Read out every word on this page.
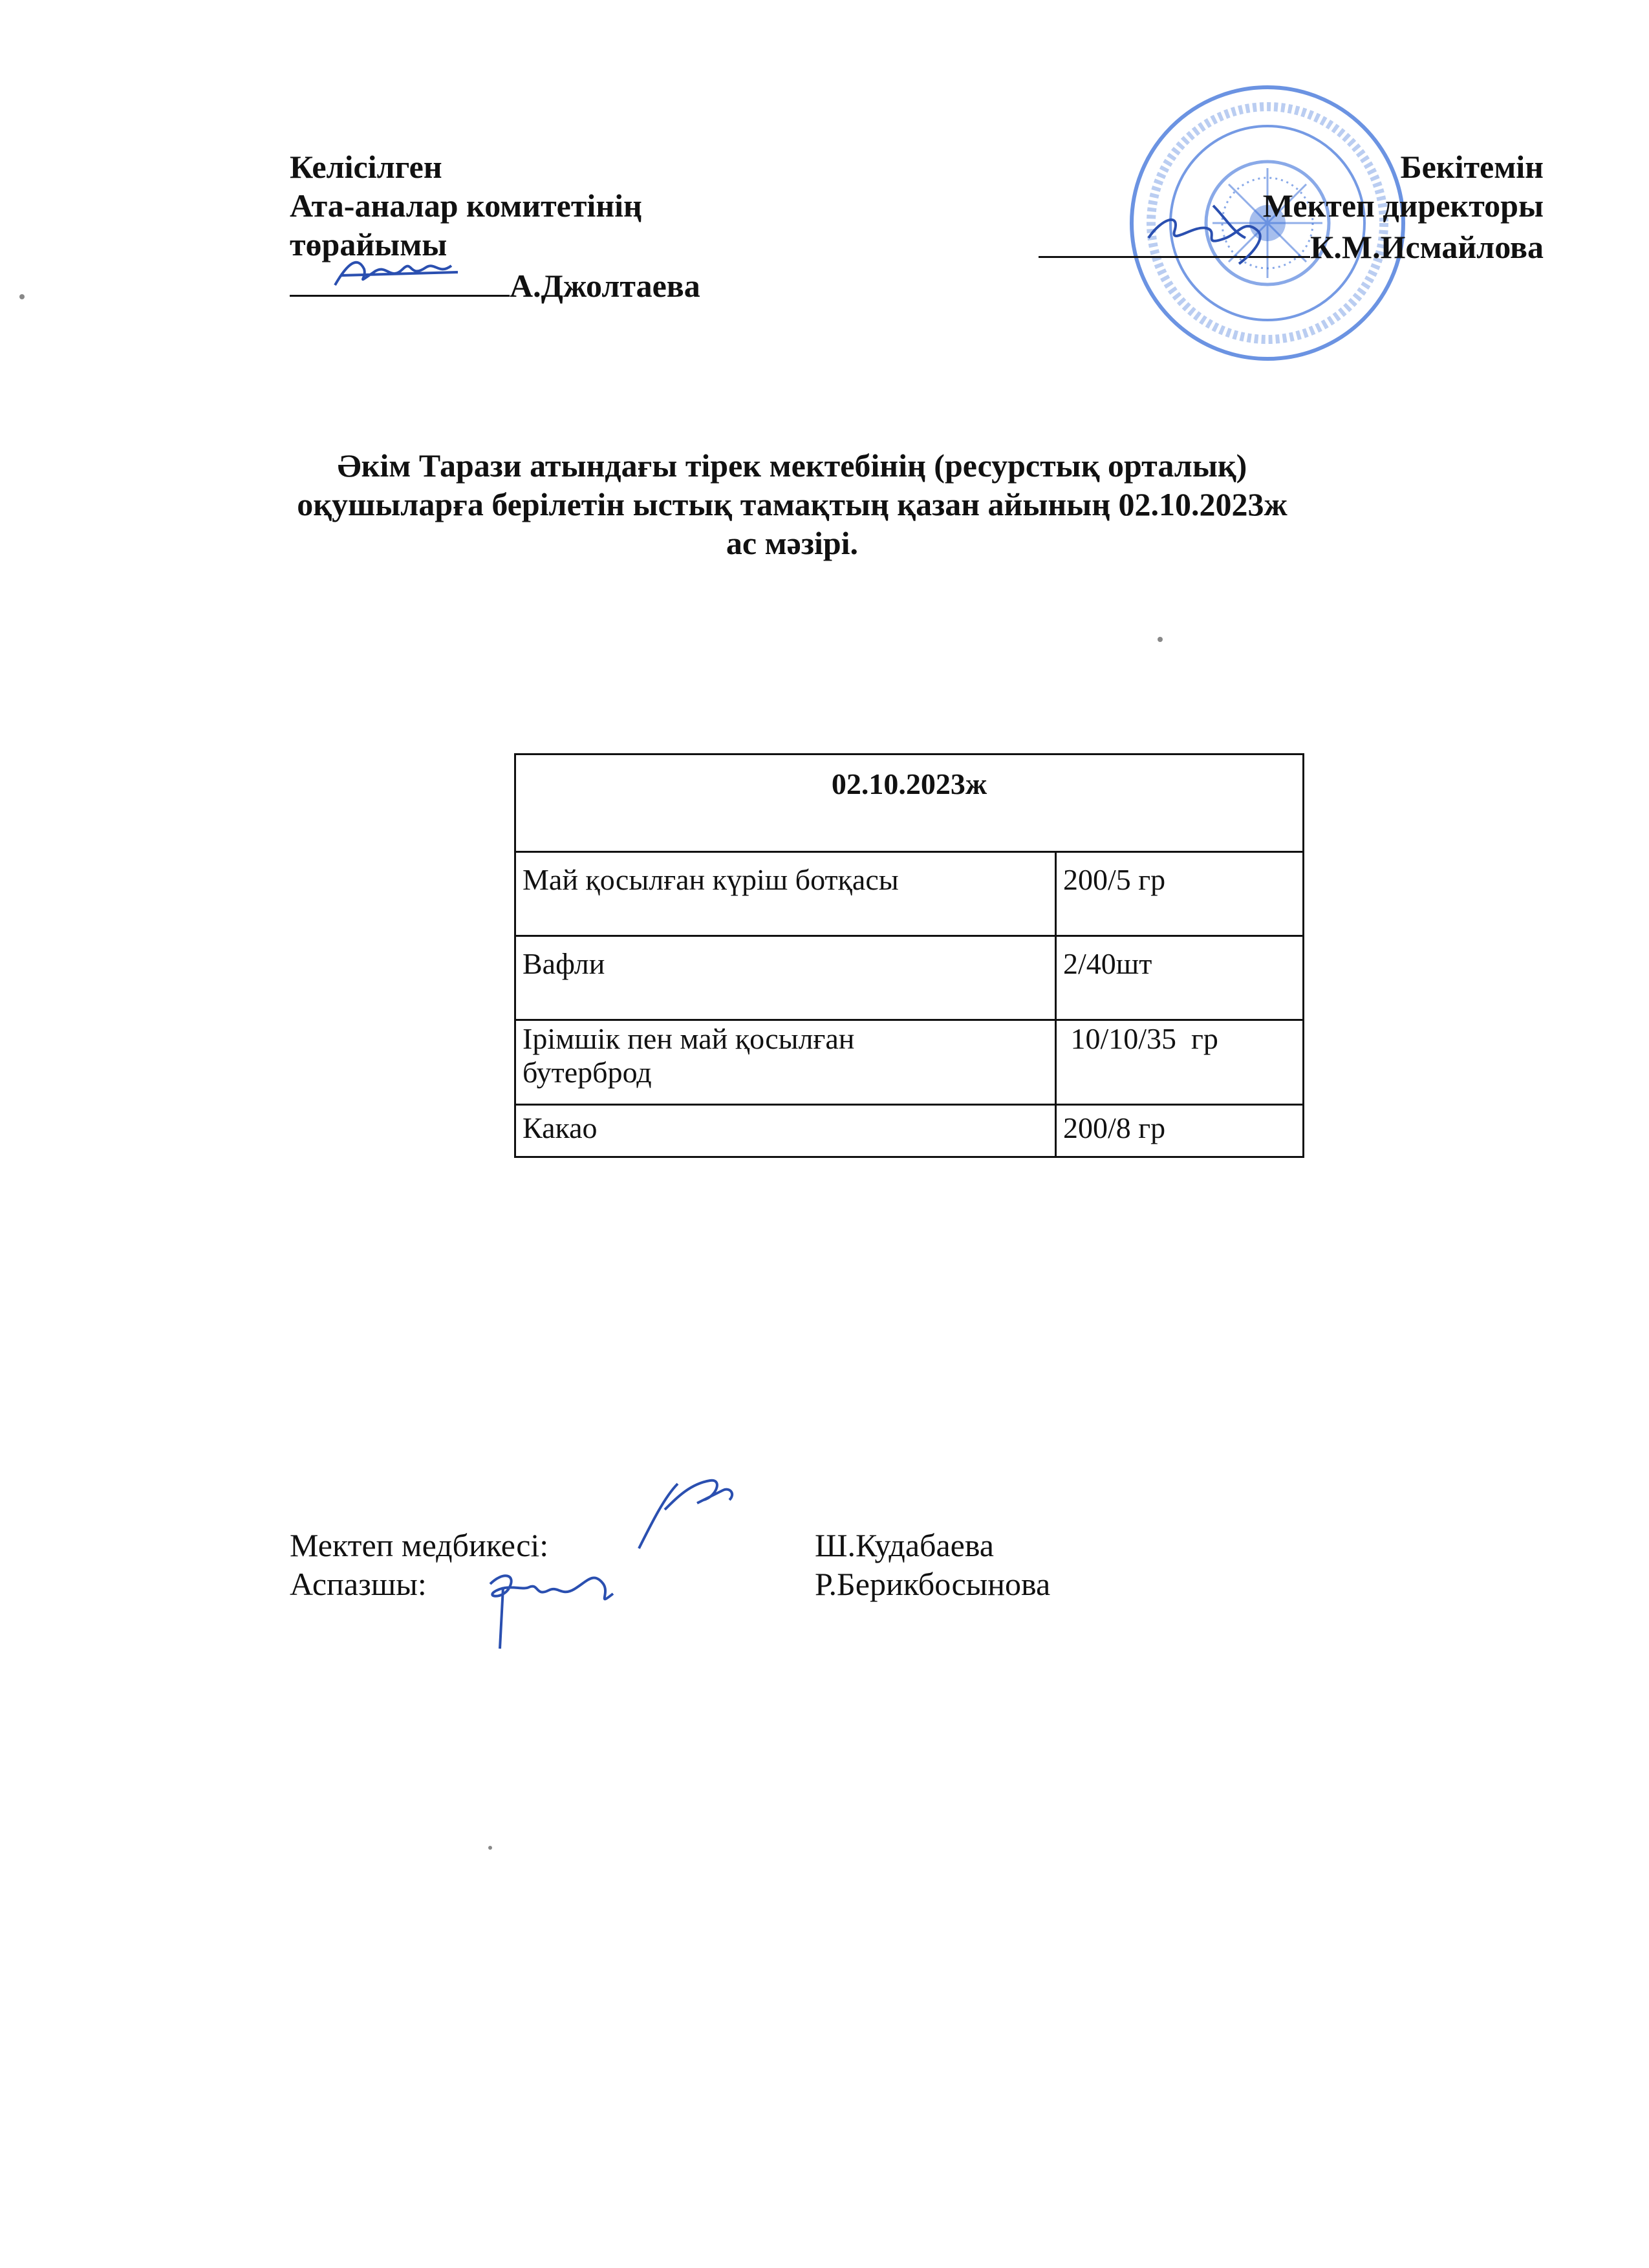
Келісілген
Ата-аналар комитетінің
төрайымы
А.Джолтаева
Бекітемін
Мектеп директоры
К.М.Исмайлова
Әкім Тарази атындағы тірек мектебінің (ресурстық орталық)
оқушыларға берілетін ыстық тамақтың қазан айының 02.10.2023ж
ас мәзірі.
02.10.2023ж	
Май қосылған күріш ботқасы	200/5 гр
Вафли	2/40шт

Ірімшік пен май қосылған
бутерброд	10/10/35  гр
Какао	200/8 гр
Мектеп медбикесі:	Ш.Кудабаева
Аспазшы:	Р.Берикбосынова
